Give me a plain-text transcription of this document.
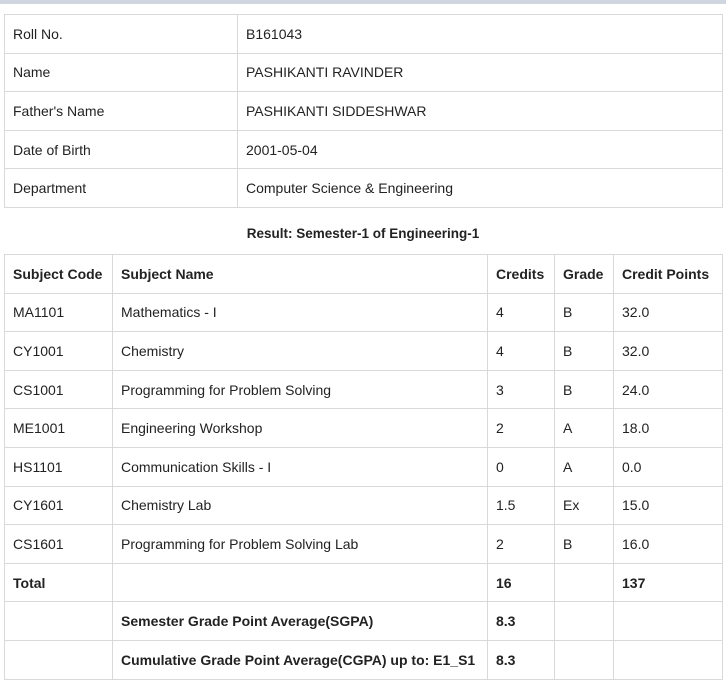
Roll No.	B161043
Name	PASHIKANTI RAVINDER
Father's Name	PASHIKANTI SIDDESHWAR
Date of Birth	2001-05-04
Department	Computer Science & Engineering
Result: Semester-1 of Engineering-1
Subject Code	Subject Name	Credits	Grade	Credit Points
MA1101	Mathematics - I	4	B	32.0
CY1001	Chemistry	4	B	32.0
CS1001	Programming for Problem Solving	3	B	24.0
ME1001	Engineering Workshop	2	A	18.0
HS1101	Communication Skills - I	0	A	0.0
CY1601	Chemistry Lab	1.5	Ex	15.0
CS1601	Programming for Problem Solving Lab	2	B	16.0
Total		16		137
	Semester Grade Point Average(SGPA)	8.3		
	Cumulative Grade Point Average(CGPA) up to: E1_S1	8.3		
